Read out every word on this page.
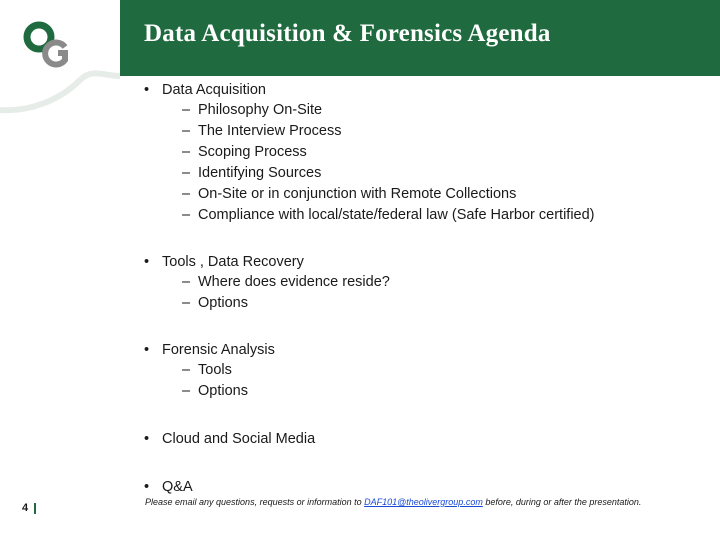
Data Acquisition & Forensics Agenda
• Data Acquisition
– Philosophy On-Site
– The Interview Process
– Scoping Process
– Identifying Sources
– On-Site or in conjunction with Remote Collections
– Compliance with local/state/federal law (Safe Harbor certified)
• Tools , Data Recovery
– Where does evidence reside?
– Options
• Forensic Analysis
– Tools
– Options
• Cloud and Social Media
• Q&A
4	Please email any questions, requests or information to DAF101@theolivergroup.com before, during or after the presentation.
